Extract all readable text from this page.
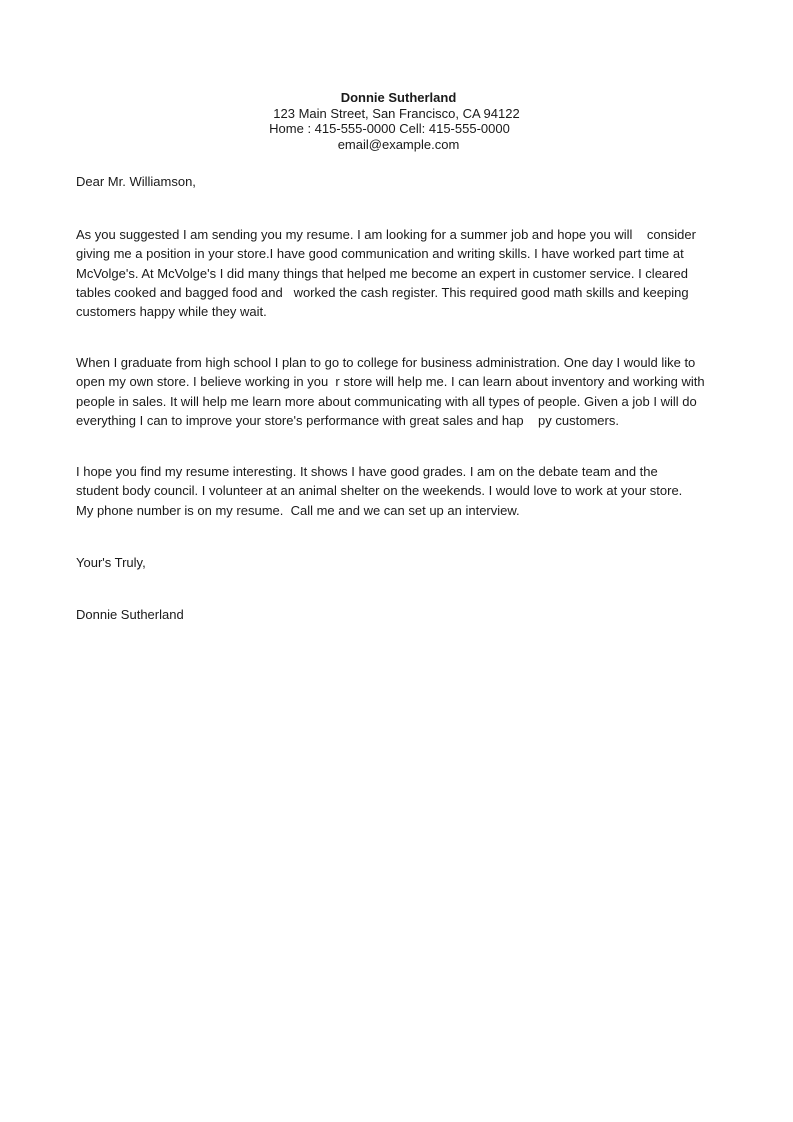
Donnie Sutherland
123 Main Street, San Francisco, CA 94122
Home : 415-555-0000 Cell: 415-555-0000
email@example.com
Dear Mr. Williamson,
As you suggested I am sending you my resume. I am looking for a summer job and hope you will    consider
giving me a position in your store.I have good communication and writing skills. I have worked part time at
McVolge's. At McVolge's I did many things that helped me become an expert in customer service. I cleared
tables cooked and bagged food and   worked the cash register. This required good math skills and keeping
customers happy while they wait.
When I graduate from high school I plan to go to college for business administration. One day I would like to
open my own store. I believe working in you  r store will help me. I can learn about inventory and working with
people in sales. It will help me learn more about communicating with all types of people. Given a job I will do
everything I can to improve your store's performance with great sales and hap    py customers.
I hope you find my resume interesting. It shows I have good grades. I am on the debate team and the
student body council. I volunteer at an animal shelter on the weekends. I would love to work at your store.
My phone number is on my resume.  Call me and we can set up an interview.
Your's Truly,
Donnie Sutherland
